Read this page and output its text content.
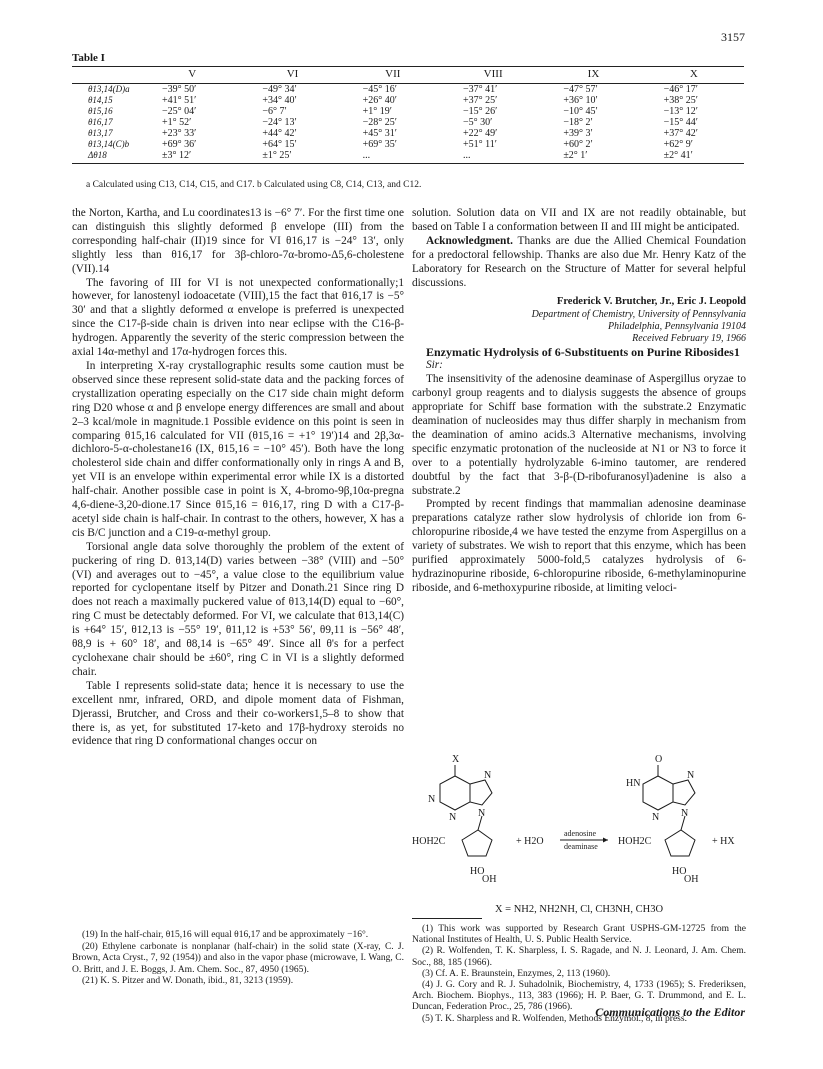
3157
Table I
	V	VI	VII	VIII	IX	X
θ13,14(D)a	−39° 50′	−49° 34′	−45° 16′	−37° 41′	−47° 57′	−46° 17′
θ14,15	+41° 51′	+34° 40′	+26° 40′	+37° 25′	+36° 10′	+38° 25′
θ15,16	−25° 04′	−6° 7′	+1° 19′	−15° 26′	−10° 45′	−13° 12′
θ16,17	+1° 52′	−24° 13′	−28° 25′	−5° 30′	−18° 2′	−15° 44′
θ13,17	+23° 33′	+44° 42′	+45° 31′	+22° 49′	+39° 3′	+37° 42′
θ13,14(C)b	+69° 36′	+64° 15′	+69° 35′	+51° 11′	+60° 2′	+62° 9′
Δθ18	±3° 12′	±1° 25′	...	...	±2° 1′	±2° 41′
a Calculated using C13, C14, C15, and C17. b Calculated using C8, C14, C13, and C12.

the Norton, Kartha, and Lu coordinates13 is −6° 7′. For the first time one can distinguish this slightly deformed β envelope (III) from the corresponding half-chair (II)19 since for VI θ16,17 is −24° 13′, only slightly less than θ16,17 for 3β-chloro-7α-bromo-Δ5,6-cholestene (VII).14

The favoring of III for VI is not unexpected conformationally;1 however, for lanostenyl iodoacetate (VIII),15 the fact that θ16,17 is −5° 30′ and that a slightly deformed α envelope is preferred is unexpected since the C17-β-side chain is driven into near eclipse with the C16-β-hydrogen. Apparently the severity of the steric compression between the axial 14α-methyl and 17α-hydrogen forces this.

In interpreting X-ray crystallographic results some caution must be observed since these represent solid-state data and the packing forces of crystallization operating especially on the C17 side chain might deform ring D20 whose α and β envelope energy differences are small and about 2–3 kcal/mole in magnitude.1 Possible evidence on this point is seen in comparing θ15,16 calculated for VII (θ15,16 = +1° 19′)14 and 2β,3α-dichloro-5-α-cholestane16 (IX, θ15,16 = −10° 45′). Both have the long cholesterol side chain and differ conformationally only in rings A and B, yet VII is an envelope within experimental error while IX is a distorted half-chair. Another possible case in point is X, 4-bromo-9β,10α-pregna 4,6-diene-3,20-dione.17 Since θ15,16 = θ16,17, ring D with a C17-β-acetyl side chain is half-chair. In contrast to the others, however, X has a cis B/C junction and a C19-α-methyl group.

Torsional angle data solve thoroughly the problem of the extent of puckering of ring D. θ13,14(D) varies between −38° (VIII) and −50° (VI) and averages out to −45°, a value close to the equilibrium value reported for cyclopentane itself by Pitzer and Donath.21 Since ring D does not reach a maximally puckered value of θ13,14(D) equal to −60°, ring C must be detectably deformed. For VI, we calculate that θ13,14(C) is +64° 15′, θ12,13 is −55° 19′, θ11,12 is +53° 56′, θ9,11 is −56° 48′, θ8,9 is + 60° 18′, and θ8,14 is −65° 49′. Since all θ's for a perfect cyclohexane chair should be ±60°, ring C in VI is a slightly deformed chair.

Table I represents solid-state data; hence it is necessary to use the excellent nmr, infrared, ORD, and dipole moment data of Fishman, Djerassi, Brutcher, and Cross and their co-workers1,5–8 to show that there is, as yet, for substituted 17-keto and 17β-hydroxy steroids no evidence that ring D conformational changes occur on

(19) In the half-chair, θ15,16 will equal θ16,17 and be approximately −16°.

(20) Ethylene carbonate is nonplanar (half-chair) in the solid state (X-ray, C. J. Brown, Acta Cryst., 7, 92 (1954)) and also in the vapor phase (microwave, I. Wang, C. O. Britt, and J. E. Boggs, J. Am. Chem. Soc., 87, 4950 (1965).

(21) K. S. Pitzer and W. Donath, ibid., 81, 3213 (1959).

solution. Solution data on VII and IX are not readily obtainable, but based on Table I a conformation between II and III might be anticipated.

Acknowledgment. Thanks are due the Allied Chemical Foundation for a predoctoral fellowship. Thanks are also due Mr. Henry Katz of the Laboratory for Research on the Structure of Matter for several helpful discussions.

Frederick V. Brutcher, Jr., Eric J. Leopold
Department of Chemistry, University of Pennsylvania
Philadelphia, Pennsylvania 19104
Received February 19, 1966

Enzymatic Hydrolysis of 6-Substituents on Purine Ribosides1

Sir:

The insensitivity of the adenosine deaminase of Aspergillus oryzae to carbonyl group reagents and to dialysis suggests the absence of groups appropriate for Schiff base formation with the substrate.2 Enzymatic deamination of nucleosides may thus differ sharply in mechanism from the deamination of amino acids.3 Alternative mechanisms, involving specific enzymatic protonation of the nucleoside at N1 or N3 to force it over to a potentially hydrolyzable 6-imino tautomer, are rendered doubtful by the fact that 3-β-(D-ribofuranosyl)adenine is also a substrate.2

Prompted by recent findings that mammalian adenosine deaminase preparations catalyze rather slow hydrolysis of chloride ion from 6-chloropurine riboside,4 we have tested the enzyme from Aspergillus on a variety of substrates. We wish to report that this enzyme, which has been purified approximately 5000-fold,5 catalyzes hydrolysis of 6-hydrazinopurine riboside, 6-chloropurine riboside, 6-methylaminopurine riboside, and 6-methoxypurine riboside, at limiting veloci-

X
N
N
N N
HOH2C
HO
OH
+ H2O
adenosine
deaminase
O
HN
N
N N
HOH2C
HO
OH
+ HX
X = NH2, NH2NH, Cl, CH3NH, CH3O

(1) This work was supported by Research Grant USPHS-GM-12725 from the National Institutes of Health, U. S. Public Health Service.

(2) R. Wolfenden, T. K. Sharpless, I. S. Ragade, and N. J. Leonard, J. Am. Chem. Soc., 88, 185 (1966).

(3) Cf. A. E. Braunstein, Enzymes, 2, 113 (1960).

(4) J. G. Cory and R. J. Suhadolnik, Biochemistry, 4, 1733 (1965); S. Frederiksen, Arch. Biochem. Biophys., 113, 383 (1966); H. P. Baer, G. T. Drummond, and E. L. Duncan, Federation Proc., 25, 786 (1966).

(5) T. K. Sharpless and R. Wolfenden, Methods Enzymol., 8, in press.

Communications to the Editor
